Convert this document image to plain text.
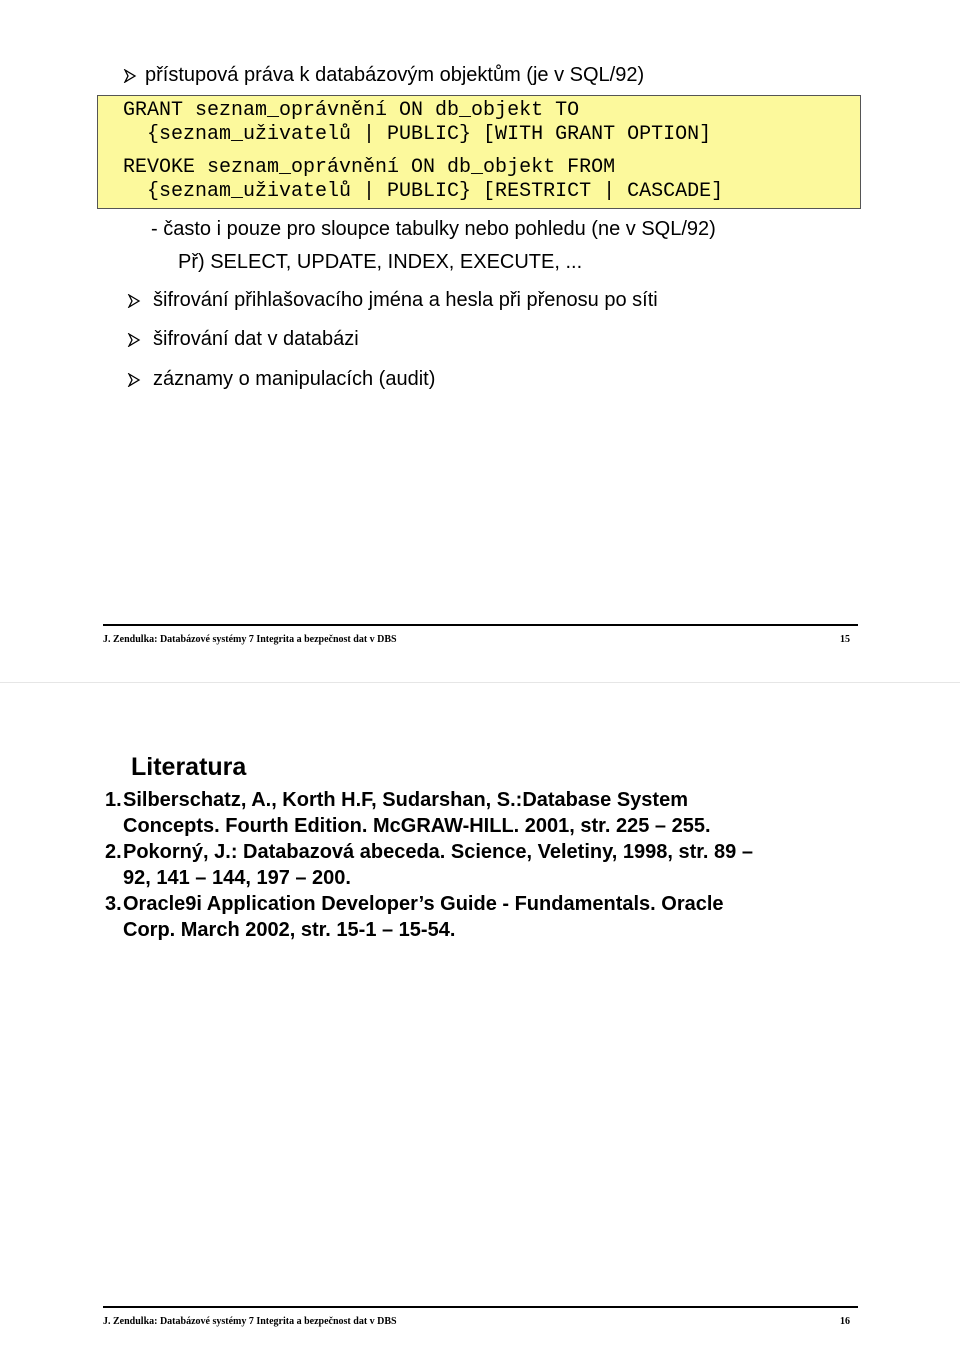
přístupová práva k databázovým objektům (je v SQL/92)
GRANT seznam_oprávnění ON db_objekt TO
{seznam_uživatelů | PUBLIC} [WITH GRANT OPTION]
REVOKE seznam_oprávnění ON db_objekt FROM
{seznam_uživatelů | PUBLIC} [RESTRICT | CASCADE]
- často i pouze pro sloupce tabulky nebo pohledu (ne v SQL/92)
Př) SELECT, UPDATE, INDEX, EXECUTE, ...
šifrování přihlašovacího jména a hesla při přenosu po síti
šifrování dat v databázi
záznamy o manipulacích (audit)
J. Zendulka: Databázové systémy 7 Integrita a bezpečnost dat v DBS	15
Literatura
1.Silberschatz, A., Korth H.F, Sudarshan, S.:Database System
Concepts. Fourth Edition. McGRAW-HILL. 2001, str. 225 – 255.
2.Pokorný, J.: Databazová abeceda. Science, Veletiny, 1998, str. 89 –
92, 141 – 144, 197 – 200.
3.Oracle9i Application Developer’s Guide - Fundamentals. Oracle
Corp. March 2002, str. 15-1 – 15-54.
J. Zendulka: Databázové systémy 7 Integrita a bezpečnost dat v DBS	16
